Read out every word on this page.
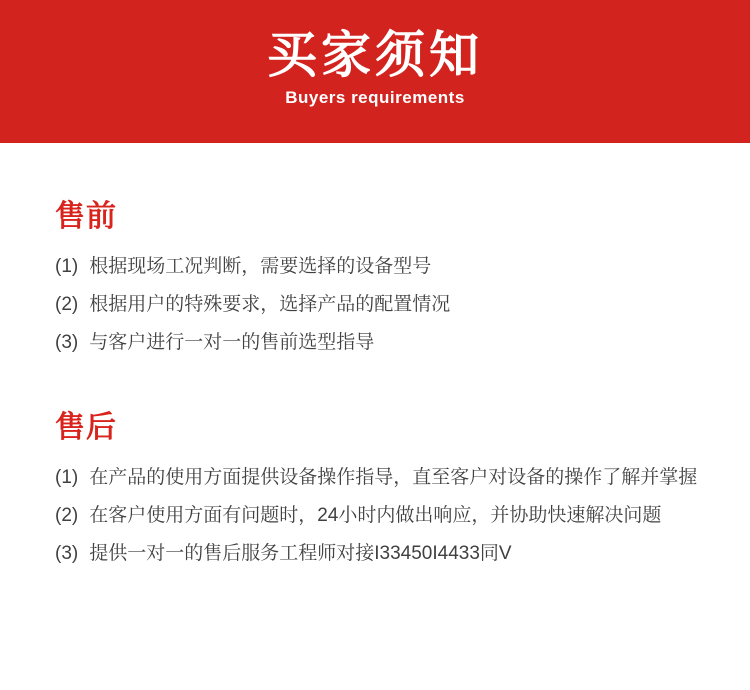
买家须知

Buyers requirements

售前
(1) 根据现场工况判断，需要选择的设备型号
(2) 根据用户的特殊要求，选择产品的配置情况
(3) 与客户进行一对一的售前选型指导
售后
(1) 在产品的使用方面提供设备操作指导，直至客户对设备的操作了解并掌握
(2) 在客户使用方面有问题时，24小时内做出响应，并协助快速解决问题
(3) 提供一对一的售后服务工程师对接I33450I4433同V
